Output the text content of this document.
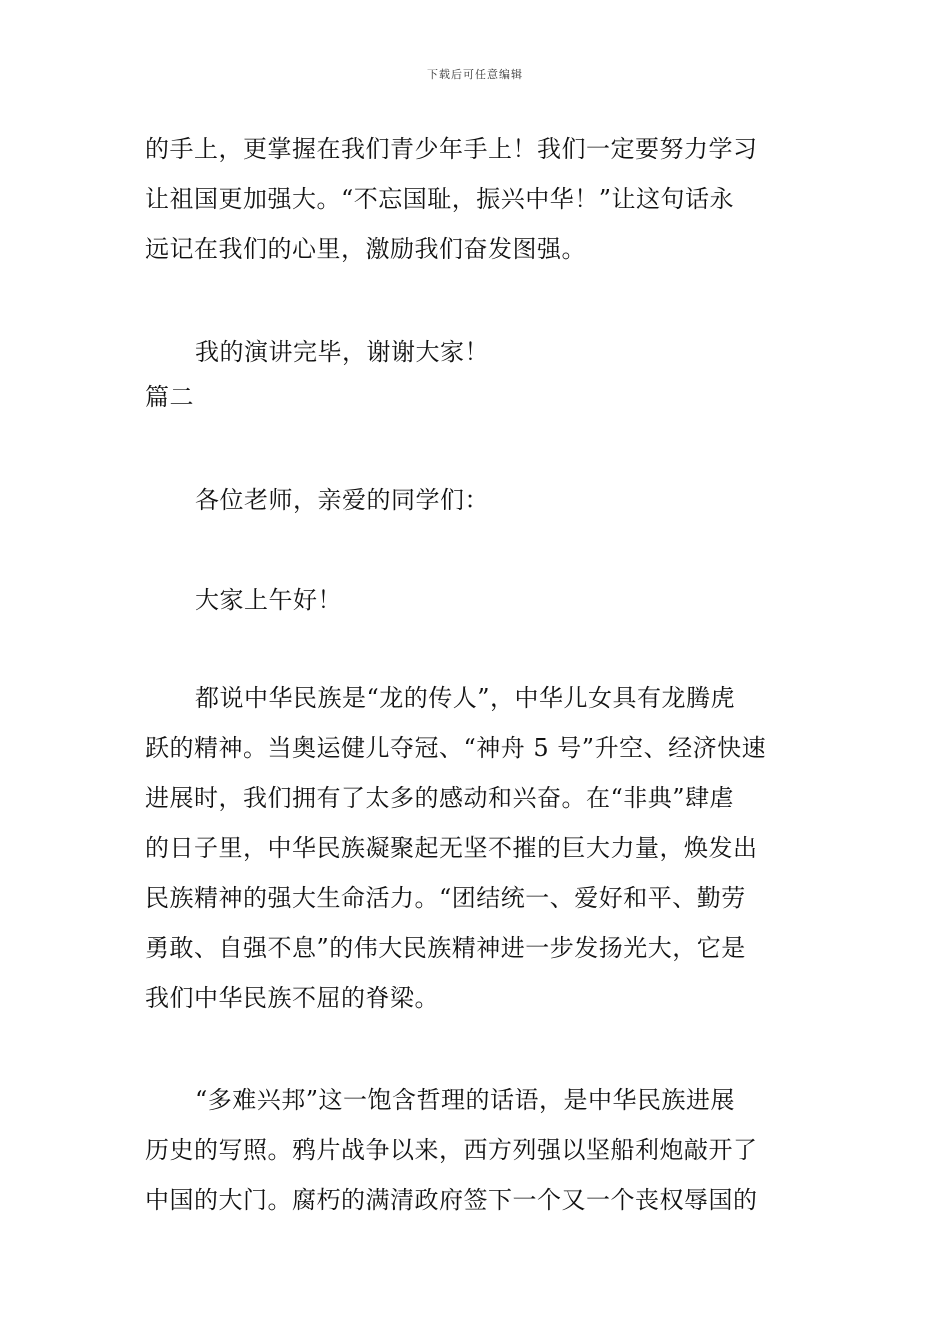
下载后可任意编辑
的手上，更掌握在我们青少年手上！我们一定要努力学习
让祖国更加强大。“不忘国耻，振兴中华！”让这句话永
远记在我们的心里，激励我们奋发图强。
我的演讲完毕，谢谢大家！
篇二
各位老师，亲爱的同学们：
大家上午好！
都说中华民族是“龙的传人”，中华儿女具有龙腾虎
跃的精神。当奥运健儿夺冠、“神舟 5 号”升空、经济快速
进展时，我们拥有了太多的感动和兴奋。在“非典”肆虐
的日子里，中华民族凝聚起无坚不摧的巨大力量，焕发出
民族精神的强大生命活力。“团结统一、爱好和平、勤劳
勇敢、自强不息”的伟大民族精神进一步发扬光大，它是
我们中华民族不屈的脊梁。
“多难兴邦”这一饱含哲理的话语，是中华民族进展
历史的写照。鸦片战争以来，西方列强以坚船利炮敲开了
中国的大门。腐朽的满清政府签下一个又一个丧权辱国的
